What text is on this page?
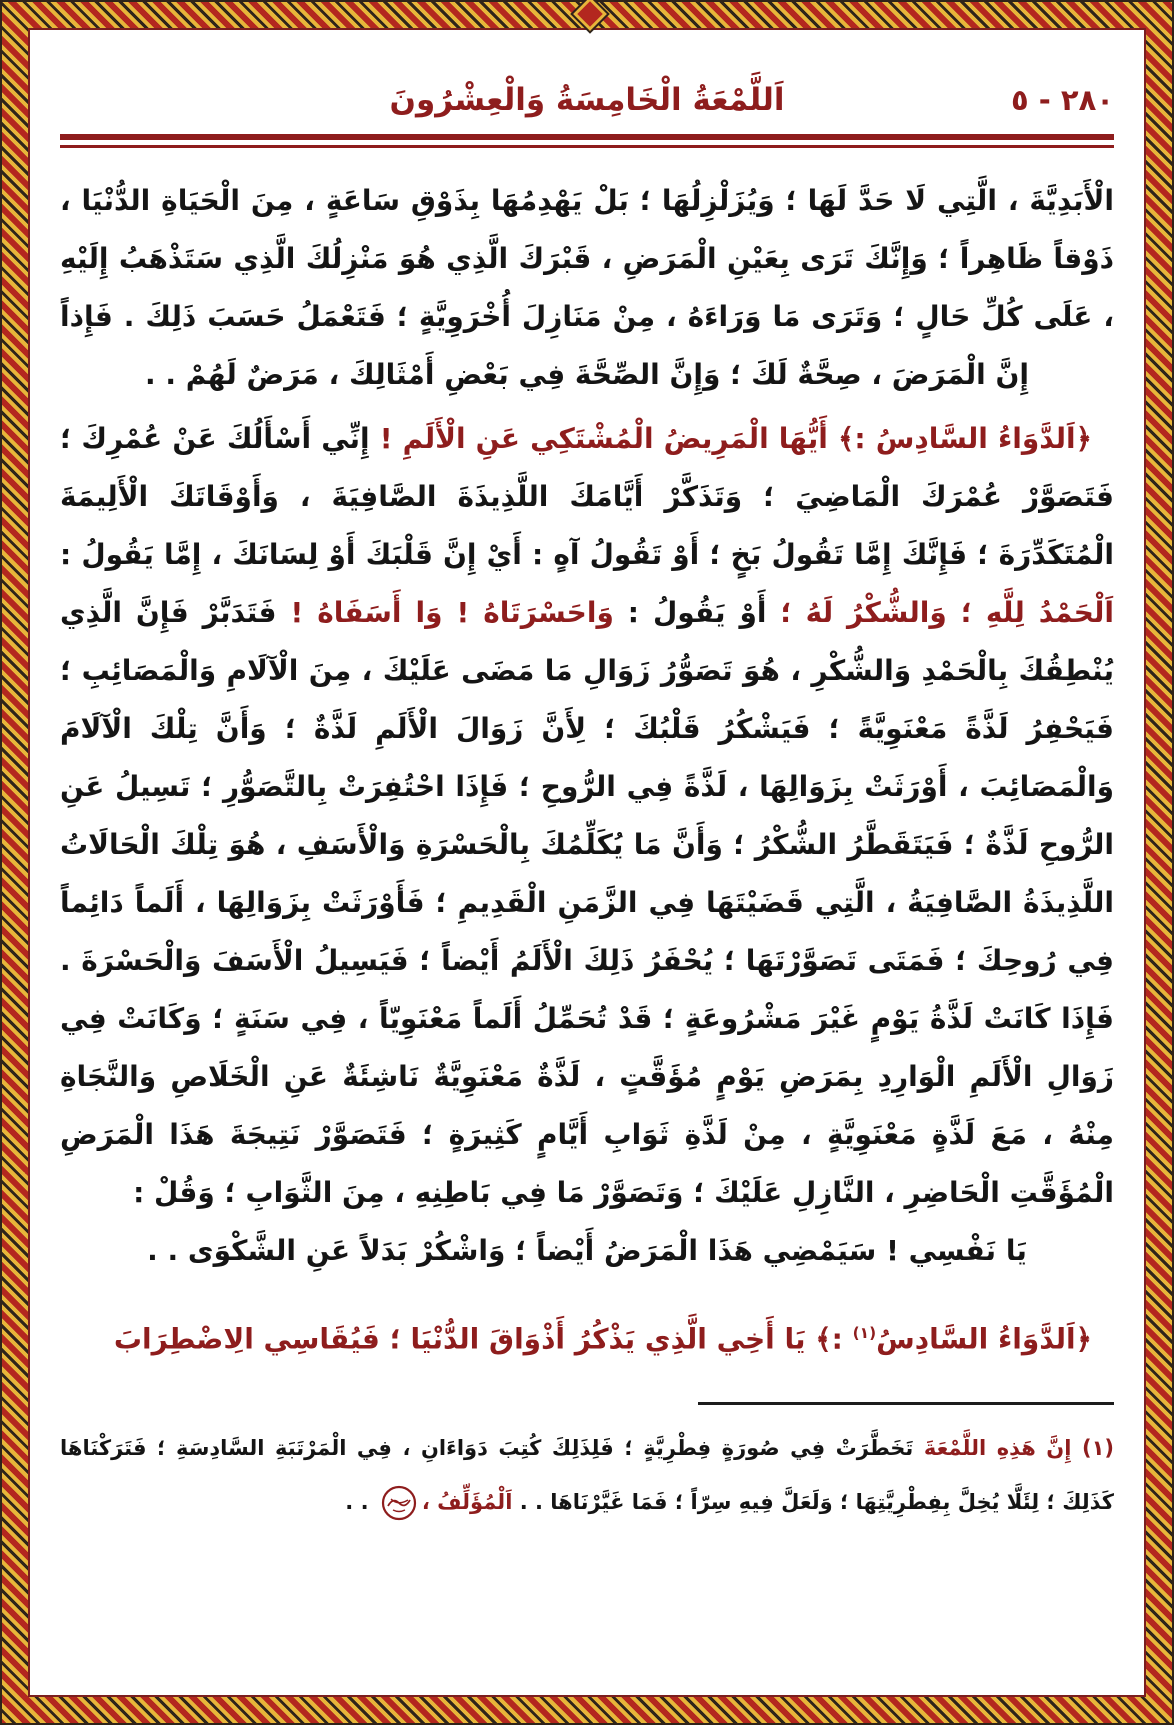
٢٨٠ - ٥
اَللَّمْعَةُ الْخَامِسَةُ وَالْعِشْرُونَ

الْأَبَدِيَّةَ ، الَّتِي لَا حَدَّ لَهَا ؛ وَيُزَلْزِلُهَا ؛ بَلْ يَهْدِمُهَا بِذَوْقِ سَاعَةٍ ، مِنَ الْحَيَاةِ الدُّنْيَا ، ذَوْقاً ظَاهِراً ؛ وَإِنَّكَ تَرَى بِعَيْنِ الْمَرَضِ ، قَبْرَكَ الَّذِي هُوَ مَنْزِلُكَ الَّذِي سَتَذْهَبُ إِلَيْهِ ، عَلَى كُلِّ حَالٍ ؛ وَتَرَى مَا وَرَاءَهُ ، مِنْ مَنَازِلَ أُخْرَوِيَّةٍ ؛ فَتَعْمَلُ حَسَبَ ذَلِكَ . فَإِذاً إِنَّ الْمَرَضَ ، صِحَّةٌ لَكَ ؛ وَإِنَّ الصِّحَّةَ فِي بَعْضِ أَمْثَالِكَ ، مَرَضٌ لَهُمْ . .

﴿اَلدَّوَاءُ السَّادِسُ :﴾ أَيُّهَا الْمَرِيضُ الْمُشْتَكِي عَنِ الْأَلَمِ ! إِنِّي أَسْأَلُكَ عَنْ عُمْرِكَ ؛ فَتَصَوَّرْ عُمْرَكَ الْمَاضِيَ ؛ وَتَذَكَّرْ أَيَّامَكَ اللَّذِيذَةَ الصَّافِيَةَ ، وَأَوْقَاتَكَ الْأَلِيمَةَ الْمُتَكَدِّرَةَ ؛ فَإِنَّكَ إِمَّا تَقُولُ بَخٍ ؛ أَوْ تَقُولُ آهٍ : أَيْ إِنَّ قَلْبَكَ أَوْ لِسَانَكَ ، إِمَّا يَقُولُ : اَلْحَمْدُ لِلَّهِ ؛ وَالشُّكْرُ لَهُ ؛ أَوْ يَقُولُ : وَاحَسْرَتَاهُ ! وَا أَسَفَاهُ ! فَتَدَبَّرْ فَإِنَّ الَّذِي يُنْطِقُكَ بِالْحَمْدِ وَالشُّكْرِ ، هُوَ تَصَوُّرُ زَوَالِ مَا مَضَى عَلَيْكَ ، مِنَ الْآلَامِ وَالْمَصَائِبِ ؛ فَيَحْفِرُ لَذَّةً مَعْنَوِيَّةً ؛ فَيَشْكُرُ قَلْبُكَ ؛ لِأَنَّ زَوَالَ الْأَلَمِ لَذَّةٌ ؛ وَأَنَّ تِلْكَ الْآلَامَ وَالْمَصَائِبَ ، أَوْرَثَتْ بِزَوَالِهَا ، لَذَّةً فِي الرُّوحِ ؛ فَإِذَا احْتُفِرَتْ بِالتَّصَوُّرِ ؛ تَسِيلُ عَنِ الرُّوحِ لَذَّةٌ ؛ فَيَتَقَطَّرُ الشُّكْرُ ؛ وَأَنَّ مَا يُكَلِّمُكَ بِالْحَسْرَةِ وَالْأَسَفِ ، هُوَ تِلْكَ الْحَالَاتُ اللَّذِيذَةُ الصَّافِيَةُ ، الَّتِي قَضَيْتَهَا فِي الزَّمَنِ الْقَدِيمِ ؛ فَأَوْرَثَتْ بِزَوَالِهَا ، أَلَماً دَائِماً فِي رُوحِكَ ؛ فَمَتَى تَصَوَّرْتَهَا ؛ يُحْفَرُ ذَلِكَ الْأَلَمُ أَيْضاً ؛ فَيَسِيلُ الْأَسَفَ وَالْحَسْرَةَ . فَإِذَا كَانَتْ لَذَّةُ يَوْمٍ غَيْرَ مَشْرُوعَةٍ ؛ قَدْ تُحَمِّلُ أَلَماً مَعْنَوِيّاً ، فِي سَنَةٍ ؛ وَكَانَتْ فِي زَوَالِ الْأَلَمِ الْوَارِدِ بِمَرَضِ يَوْمٍ مُؤَقَّتٍ ، لَذَّةٌ مَعْنَوِيَّةٌ نَاشِئَةٌ عَنِ الْخَلَاصِ وَالنَّجَاةِ مِنْهُ ، مَعَ لَذَّةٍ مَعْنَوِيَّةٍ ، مِنْ لَذَّةِ ثَوَابِ أَيَّامٍ كَثِيرَةٍ ؛ فَتَصَوَّرْ نَتِيجَةَ هَذَا الْمَرَضِ الْمُؤَقَّتِ الْحَاضِرِ ، النَّازِلِ عَلَيْكَ ؛ وَتَصَوَّرْ مَا فِي بَاطِنِهِ ، مِنَ الثَّوَابِ ؛ وَقُلْ :

يَا نَفْسِي ! سَيَمْضِي هَذَا الْمَرَضُ أَيْضاً ؛ وَاشْكُرْ بَدَلاً عَنِ الشَّكْوَى . .

﴿اَلدَّوَاءُ السَّادِسُ$^{(١)}$ :﴾ يَا أَخِي الَّذِي يَذْكُرُ أَذْوَاقَ الدُّنْيَا ؛ فَيُقَاسِي الِاضْطِرَابَ

(١) إِنَّ هَذِهِ اللَّمْعَةَ تَخَطَّرَتْ فِي صُورَةٍ فِطْرِيَّةٍ ؛ فَلِذَلِكَ كُتِبَ دَوَاءَانِ ، فِي الْمَرْتَبَةِ السَّادِسَةِ ؛ فَتَرَكْنَاهَا كَذَلِكَ ؛ لِئَلَّا يُخِلَّ بِفِطْرِيَّتِهَا ؛ وَلَعَلَّ فِيهِ سِرّاً ؛ فَمَا غَيَّرْنَاهَا . . اَلْمُؤَلِّفُ ، . .
